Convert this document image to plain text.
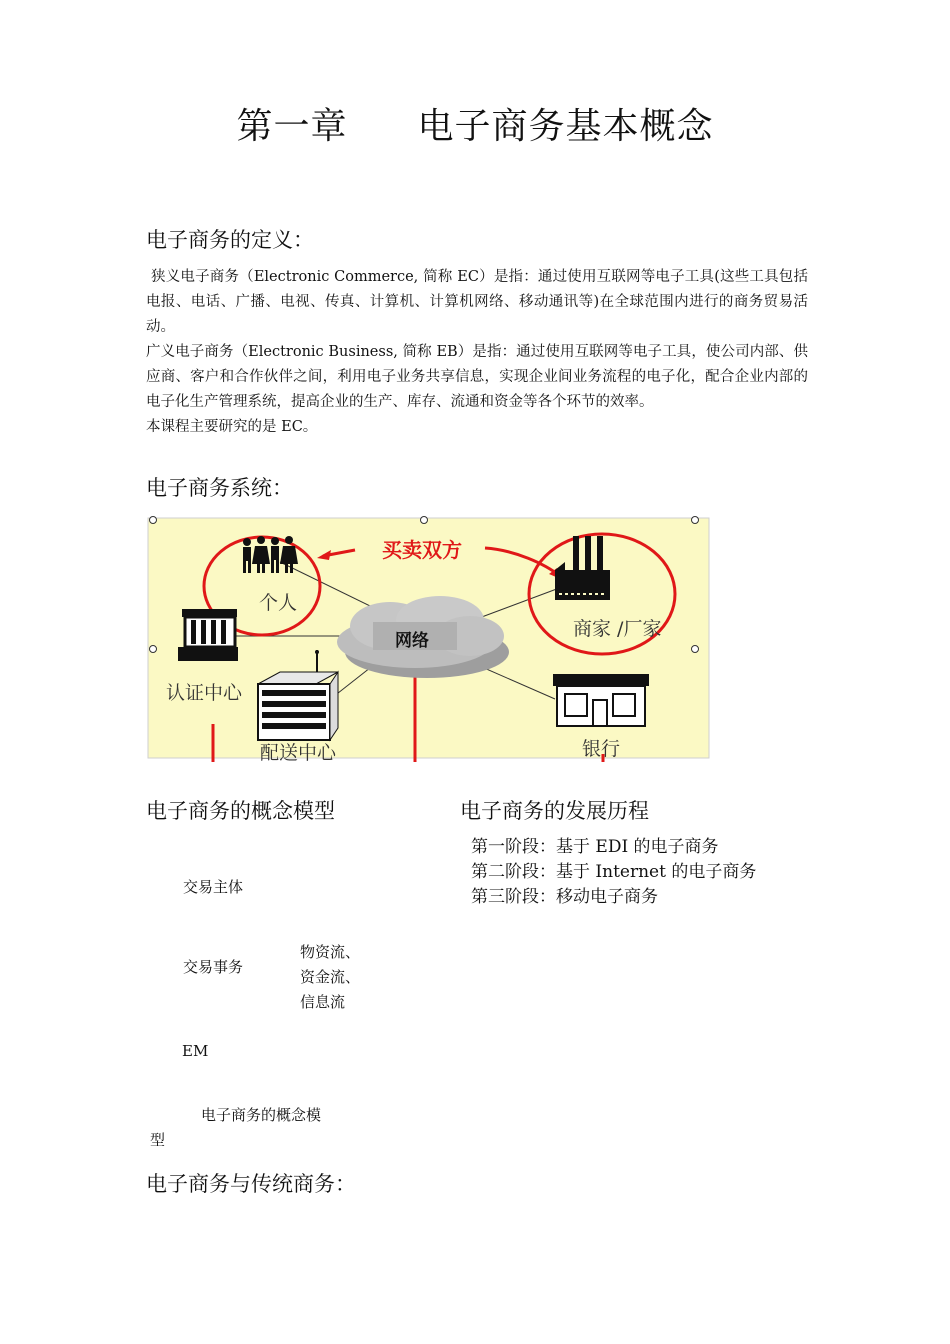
第一章 电子商务基本概念
电子商务的定义：

狭义电子商务（Electronic Commerce, 简称 EC）是指：通过使用互联网等电子工具(这些工具包括电报、电话、广播、电视、传真、计算机、计算机网络、移动通讯等)在全球范围内进行的商务贸易活动。

广义电子商务（Electronic Business, 简称 EB）是指：通过使用互联网等电子工具，使公司内部、供应商、客户和合作伙伴之间，利用电子业务共享信息，实现企业间业务流程的电子化，配合企业内部的电子化生产管理系统，提高企业的生产、库存、流通和资金等各个环节的效率。

本课程主要研究的是 EC。

电子商务系统：
买卖双方
个人
商家 /厂家
网络
认证中心
配送中心	银行
电子商务的概念模型
交易主体
交易事务
物资流、
资金流、
信息流
EM
电子商务的概念模
型
电子商务的发展历程
第一阶段：基于 EDI 的电子商务
第二阶段：基于 Internet 的电子商务
第三阶段：移动电子商务
电子商务与传统商务：
